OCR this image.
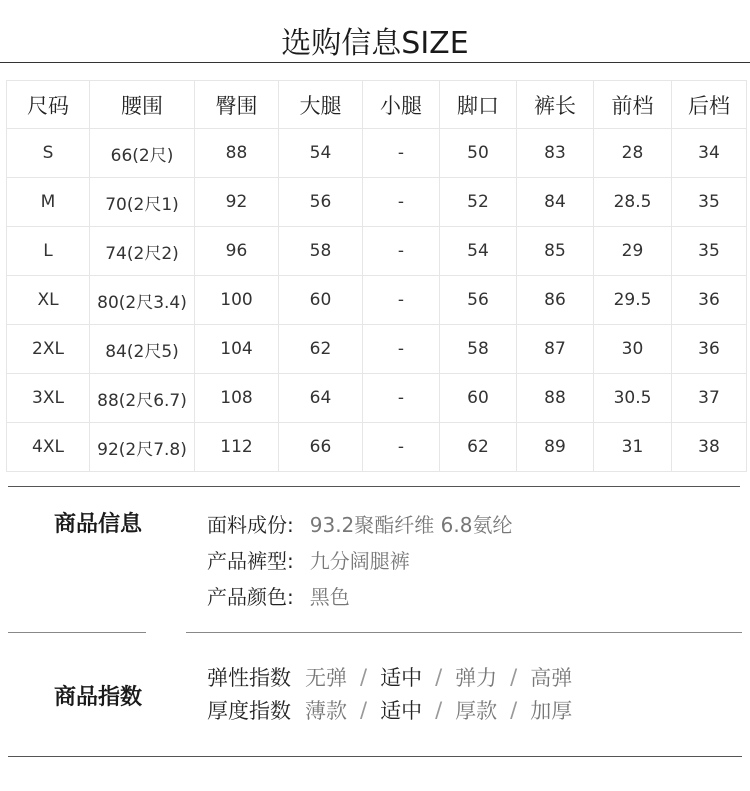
选购信息SIZE
尺码	腰围	臀围	大腿	小腿	脚口	裤长	前档	后档
S	66(2尺)	88	54	-	50	83	28	34
M	70(2尺1)	92	56	-	52	84	28.5	35
L	74(2尺2)	96	58	-	54	85	29	35
XL	80(2尺3.4)	100	60	-	56	86	29.5	36
2XL	84(2尺5)	104	62	-	58	87	30	36
3XL	88(2尺6.7)	108	64	-	60	88	30.5	37
4XL	92(2尺7.8)	112	66	-	62	89	31	38
商品信息	面料成份: 93.2聚酯纤维 6.8氨纶
产品裤型: 九分阔腿裤
产品颜色: 黑色
商品指数
弹性指数 无弹 / 适中 / 弹力 / 高弹
厚度指数 薄款 / 适中 / 厚款 / 加厚
